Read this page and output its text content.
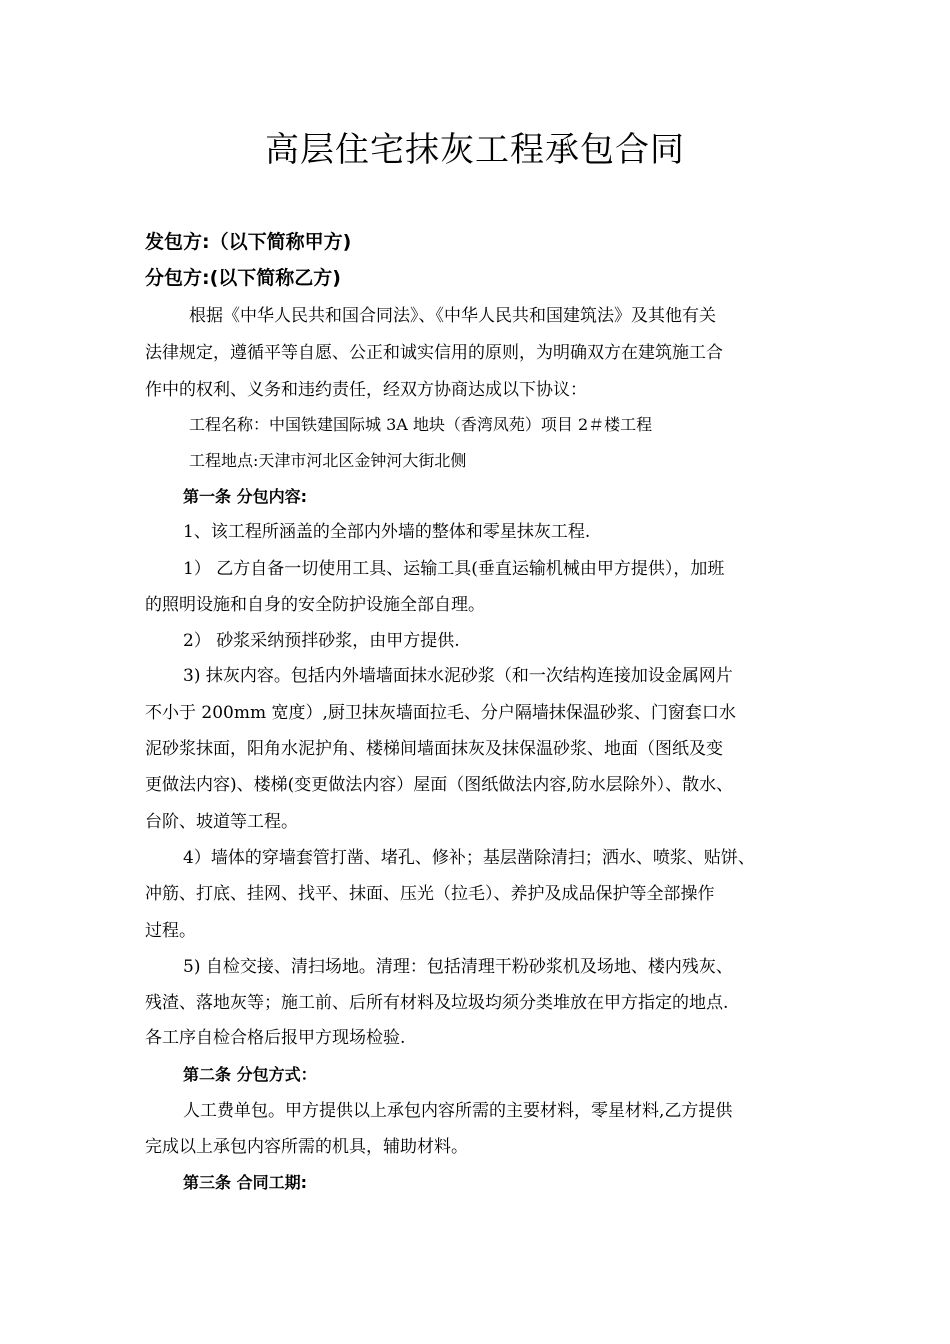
高层住宅抹灰工程承包合同
发包方:（以下简称甲方)
分包方:(以下简称乙方)
根据《中华人民共和国合同法》、《中华人民共和国建筑法》及其他有关
法律规定，遵循平等自愿、公正和诚实信用的原则，为明确双方在建筑施工合
作中的权利、义务和违约责任，经双方协商达成以下协议：
工程名称：中国铁建国际城 3A 地块（香湾凤苑）项目 2＃楼工程
工程地点:天津市河北区金钟河大街北侧
第一条 分包内容:
1、该工程所涵盖的全部内外墙的整体和零星抹灰工程.
1） 乙方自备一切使用工具、运输工具(垂直运输机械由甲方提供），加班
的照明设施和自身的安全防护设施全部自理。
2） 砂浆采纳预拌砂浆，由甲方提供.
3) 抹灰内容。包括内外墙墙面抹水泥砂浆（和一次结构连接加设金属网片
不小于 200mm 宽度）,厨卫抹灰墙面拉毛、分户隔墙抹保温砂浆、门窗套口水
泥砂浆抹面，阳角水泥护角、楼梯间墙面抹灰及抹保温砂浆、地面（图纸及变
更做法内容)、楼梯(变更做法内容）屋面（图纸做法内容,防水层除外）、散水、
台阶、坡道等工程。
4）墙体的穿墙套管打凿、堵孔、修补；基层凿除清扫；洒水、喷浆、贴饼、
冲筋、打底、挂网、找平、抹面、压光（拉毛）、养护及成品保护等全部操作
过程。
5) 自检交接、清扫场地。清理：包括清理干粉砂浆机及场地、楼内残灰、
残渣、落地灰等；施工前、后所有材料及垃圾均须分类堆放在甲方指定的地点.
各工序自检合格后报甲方现场检验.
第二条 分包方式：
人工费单包。甲方提供以上承包内容所需的主要材料，零星材料,乙方提供
完成以上承包内容所需的机具，辅助材料。
第三条 合同工期:
